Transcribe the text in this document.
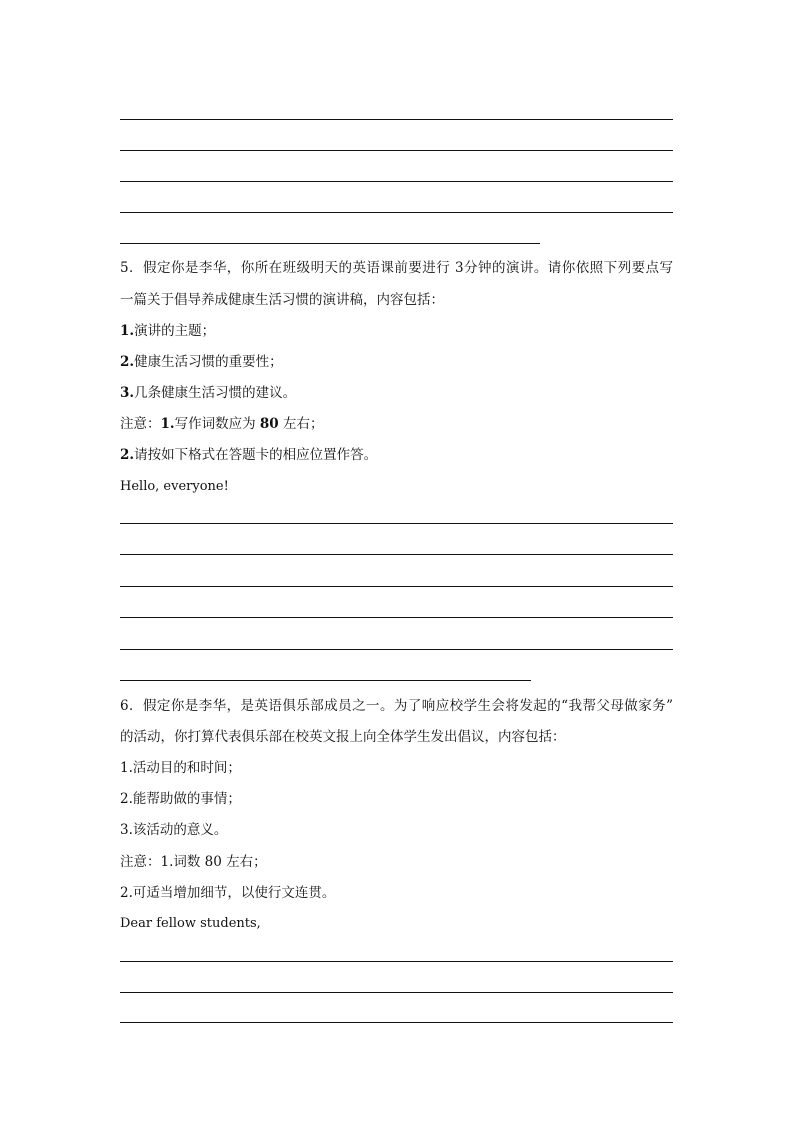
5．假定你是李华，你所在班级明天的英语课前要进行 3分钟的演讲。请你依照下列要点写
一篇关于倡导养成健康生活习惯的演讲稿，内容包括：
1.演讲的主题；
2.健康生活习惯的重要性；
3.几条健康生活习惯的建议。
注意：1.写作词数应为 80 左右；
2.请按如下格式在答题卡的相应位置作答。
Hello, everyone!
6．假定你是李华，是英语俱乐部成员之一。为了响应校学生会将发起的“我帮父母做家务”
的活动，你打算代表俱乐部在校英文报上向全体学生发出倡议，内容包括：
1.活动目的和时间；
2.能帮助做的事情；
3.该活动的意义。
注意：1.词数 80 左右；
2.可适当增加细节，以使行文连贯。
Dear fellow students,
